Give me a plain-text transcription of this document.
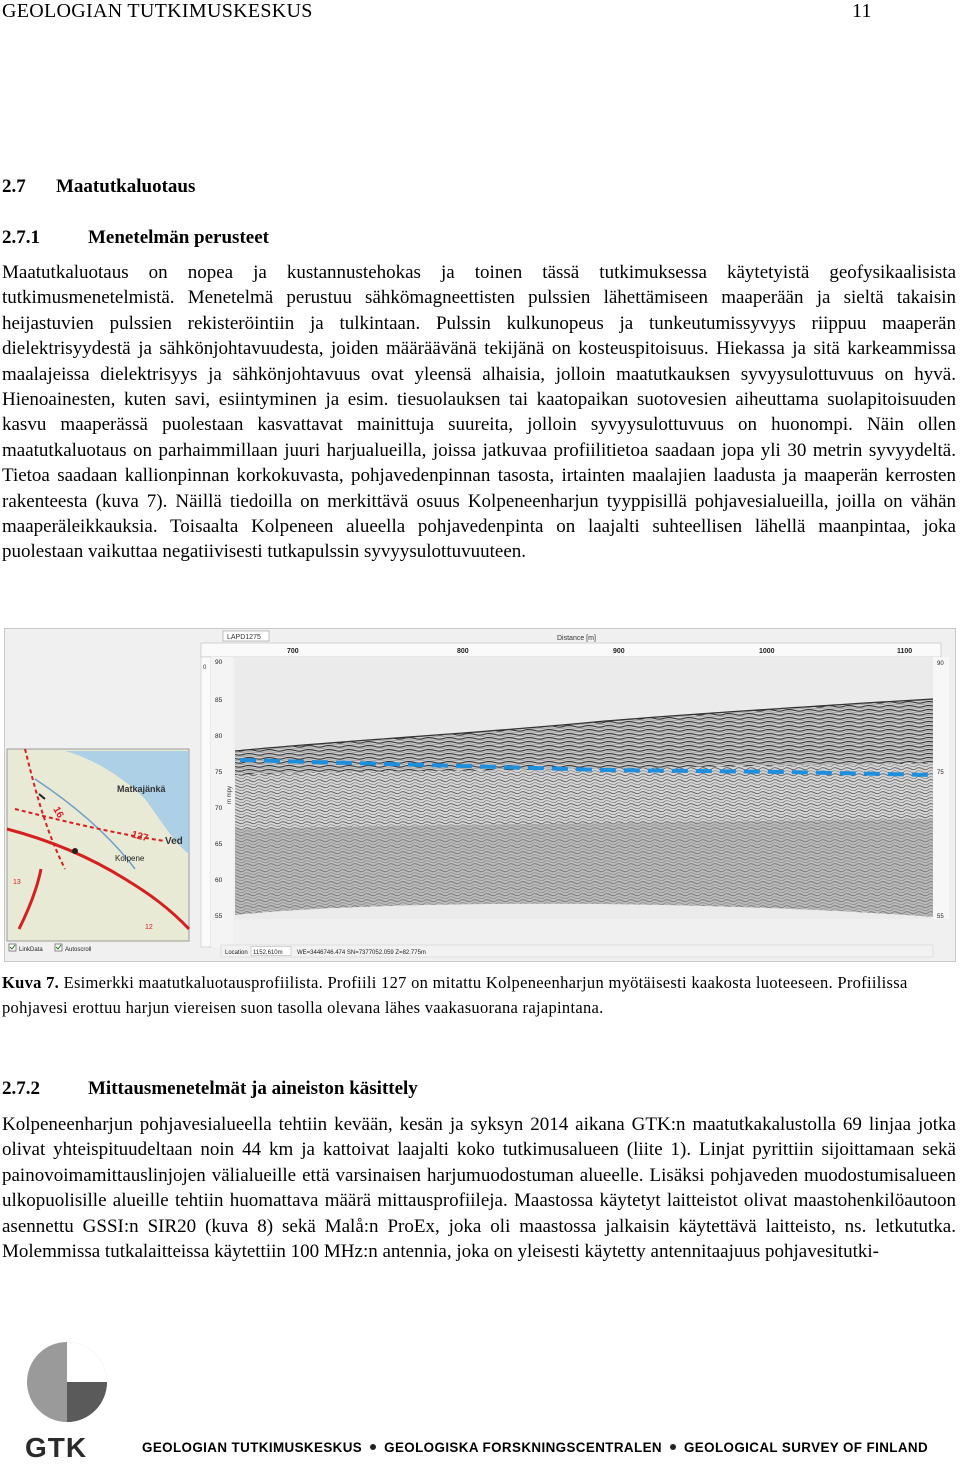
GEOLOGIAN TUTKIMUSKESKUS	11
2.7 Maatutkaluotaus
2.7.1	Menetelmän perusteet

Maatutkaluotaus on nopea ja kustannustehokas ja toinen tässä tutkimuksessa käytetyistä geofysikaalisista tutkimusmenetelmistä. Menetelmä perustuu sähkömagneettisten pulssien lähettämiseen maaperään ja sieltä takaisin heijastuvien pulssien rekisteröintiin ja tulkintaan. Pulssin kulkunopeus ja tunkeutumissyvyys riippuu maaperän dielektrisyydestä ja sähkönjohtavuudesta, joiden määräävänä tekijänä on kosteuspitoisuus. Hiekassa ja sitä karkeammissa maalajeissa dielektrisyys ja sähkönjohtavuus ovat yleensä alhaisia, jolloin maatutkauksen syvyysulottuvuus on hyvä. Hienoainesten, kuten savi, esiintyminen ja esim. tiesuolauksen tai kaatopaikan suotovesien aiheuttama suolapitoisuuden kasvu maaperässä puolestaan kasvattavat mainittuja suureita, jolloin syvyysulottuvuus on huonompi. Näin ollen maatutkaluotaus on parhaimmillaan juuri harjualueilla, joissa jatkuvaa profiilitietoa saadaan jopa yli 30 metrin syvyydeltä. Tietoa saadaan kallionpinnan korkokuvasta, pohjavedenpinnan tasosta, irtainten maalajien laadusta ja maaperän kerrosten rakenteesta (kuva 7). Näillä tiedoilla on merkittävä osuus Kolpeneenharjun tyyppisillä pohjavesialueilla, joilla on vähän maaperäleikkauksia. Toisaalta Kolpeneen alueella pohjavedenpinta on laajalti suhteellisen lähellä maanpintaa, joka puolestaan vaikuttaa negatiivisesti tutkapulssin syvyysulottuvuuteen.

LAPD1275	Distance [m]
700	800	900	1000	1100
0
90
85
80
75
70
65
60
55
m mpy
90
75
55
Matkajänkä
Kolpene
Ved
16
127
12
13
LinkData	Autoscroll	Location 1152.610m WE=3446746.474 SN=7377052.059 Z=82.775m
Kuva 7. Esimerkki maatutkaluotausprofiilista. Profiili 127 on mitattu Kolpeneenharjun myötäisesti kaakosta luoteeseen. Profiilissa pohjavesi erottuu harjun viereisen suon tasolla olevana lähes vaakasuorana rajapintana.
2.7.2	Mittausmenetelmät ja aineiston käsittely

Kolpeneenharjun pohjavesialueella tehtiin kevään, kesän ja syksyn 2014 aikana GTK:n maatutkakalustolla 69 linjaa jotka olivat yhteispituudeltaan noin 44 km ja kattoivat laajalti koko tutkimusalueen (liite 1). Linjat pyrittiin sijoittamaan sekä painovoimamittauslinjojen välialueille että varsinaisen harjumuodostuman alueelle. Lisäksi pohjaveden muodostumisalueen ulkopuolisille alueille tehtiin huomattava määrä mittausprofiileja. Maastossa käytetyt laitteistot olivat maastohenkilöautoon asennettu GSSI:n SIR20 (kuva 8) sekä Malå:n ProEx, joka oli maastossa jalkaisin käytettävä laitteisto, ns. letkututka. Molemmissa tutkalaitteissa käytettiin 100 MHz:n antennia, joka on yleisesti käytetty antennitaajuus pohjavesitutki-

GTK	GEOLOGIAN TUTKIMUSKESKUS GEOLOGISKA FORSKNINGSCENTRALEN GEOLOGICAL SURVEY OF FINLAND
